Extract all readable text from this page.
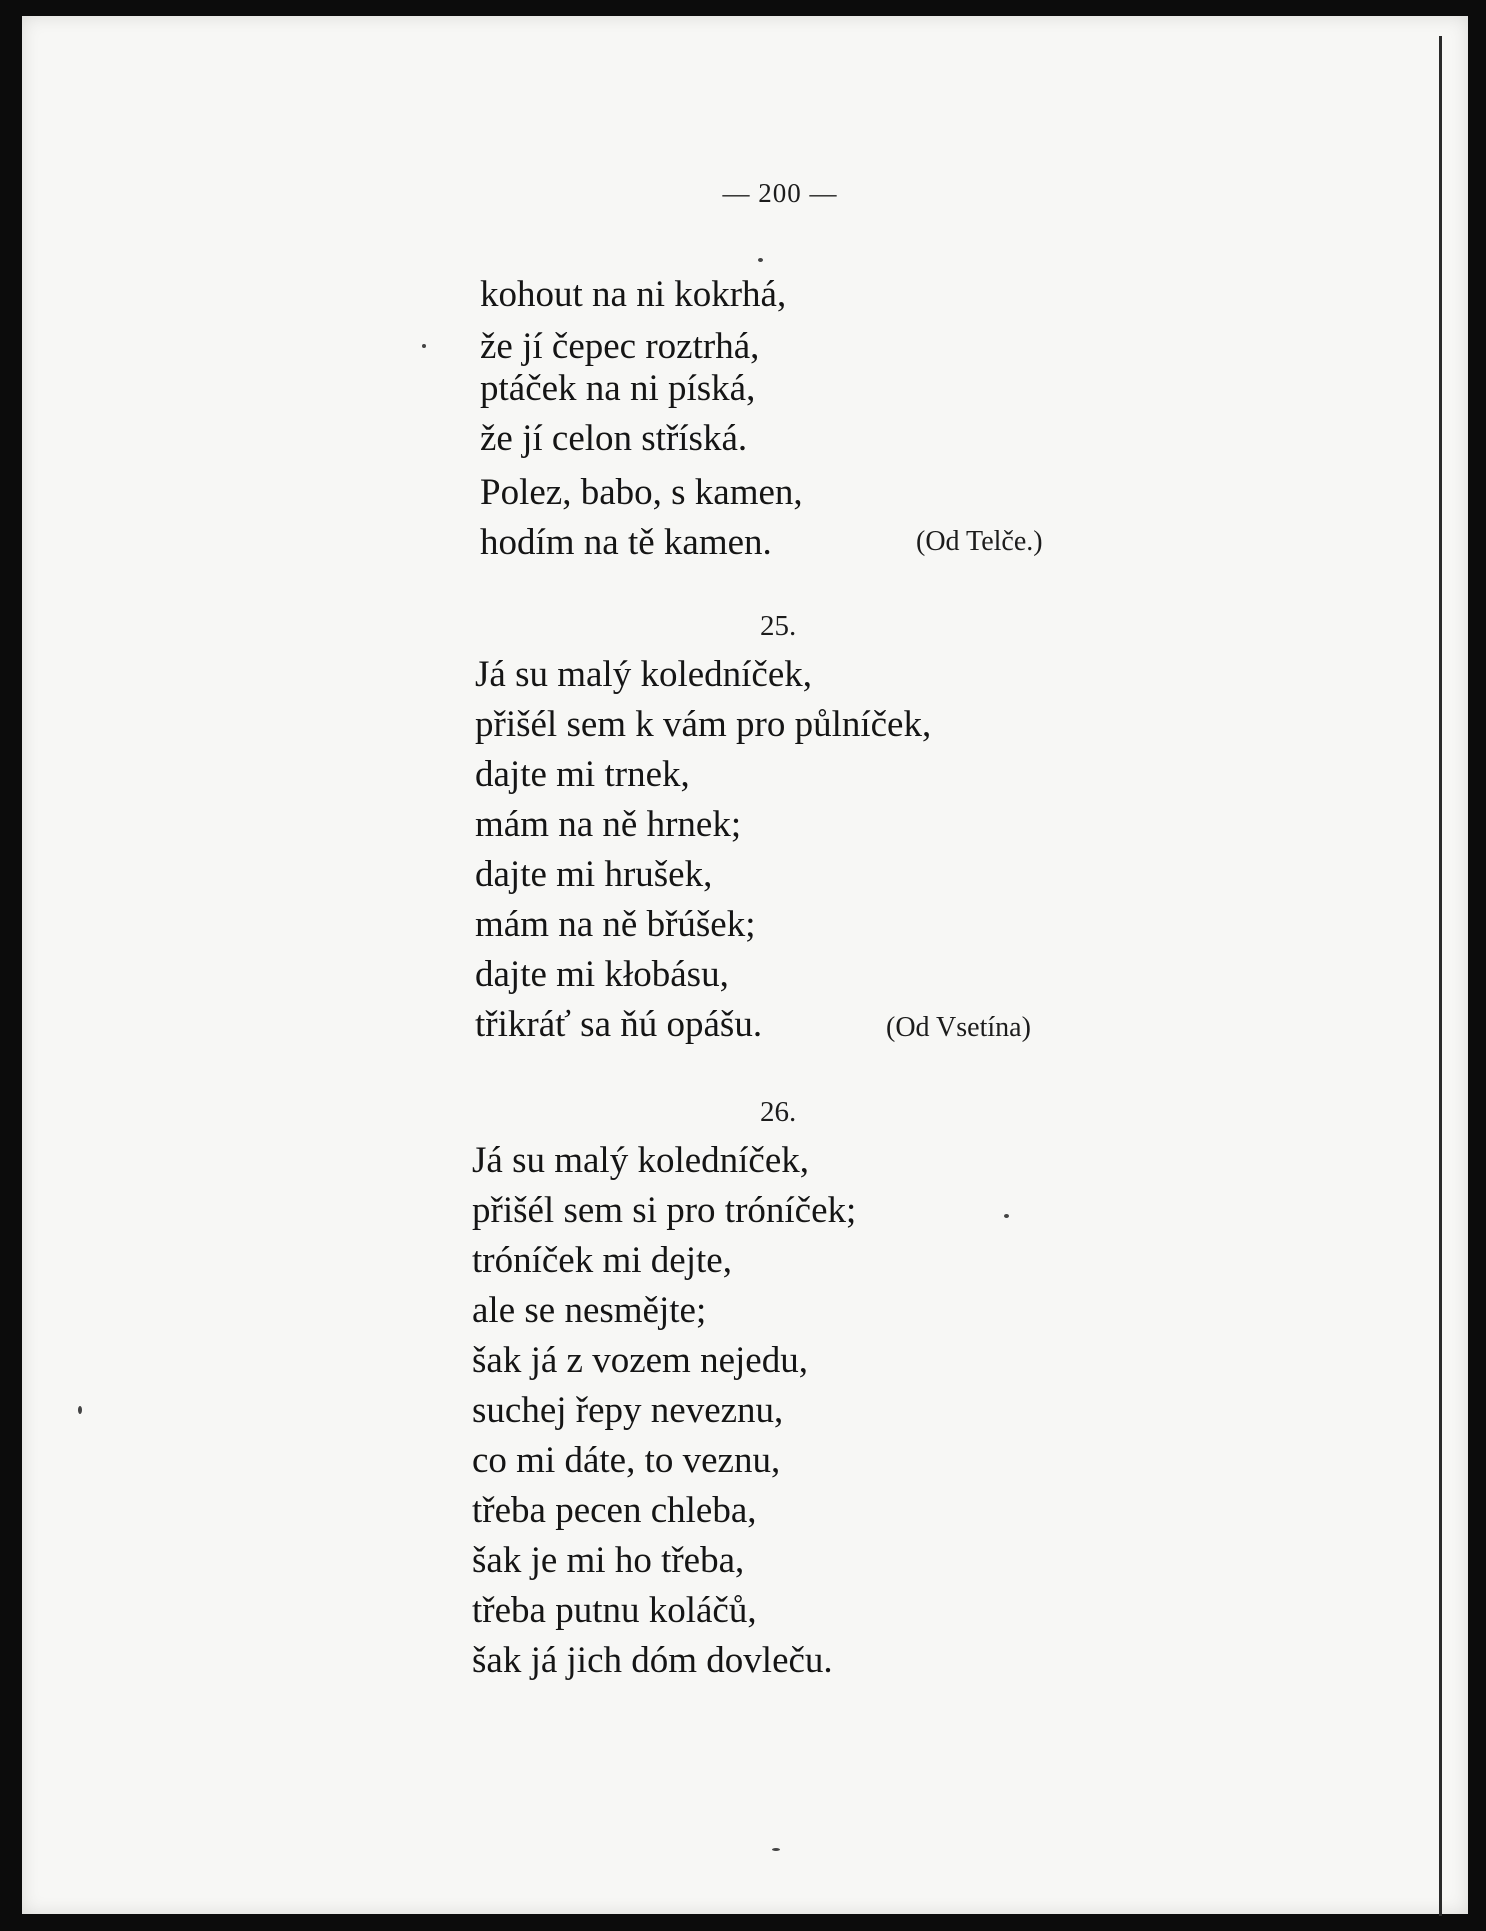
— 200 —
kohout na ni kokrhá,
že jí čepec roztrhá,
ptáček na ni píská,
že jí celon stříská.
Polez, babo, s kamen,
hodím na tě kamen.	(Od Telče.)
25.
Já su malý koledníček,
přišél sem k vám pro půlníček,
dajte mi trnek,
mám na ně hrnek;
dajte mi hrušek,
mám na ně břúšek;
dajte mi kłobásu,
třikráť sa ňú opášu.	(Od Vsetína)
26.
Já su malý koledníček,
přišél sem si pro tróníček;
tróníček mi dejte,
ale se nesmějte;
šak já z vozem nejedu,
suchej řepy neveznu,
co mi dáte, to veznu,
třeba pecen chleba,
šak je mi ho třeba,
třeba putnu koláčů,
šak já jich dóm dovleču.
